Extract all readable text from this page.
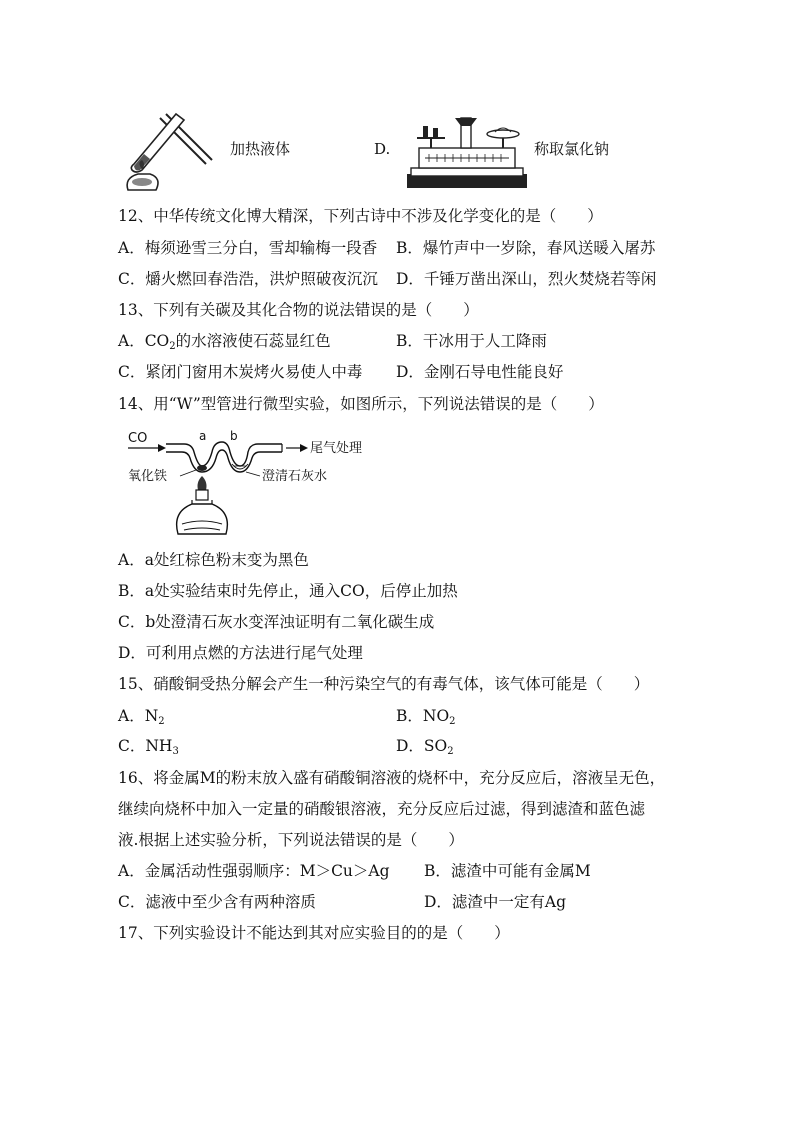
加热液体	D.	称取氯化钠
12、中华传统文化博大精深，下列古诗中不涉及化学变化的是（　　）
A．梅须逊雪三分白，雪却输梅一段香 B．爆竹声中一岁除，春风送暖入屠苏
C．爝火燃回春浩浩，洪炉照破夜沉沉 D．千锤万凿出深山，烈火焚烧若等闲
13、下列有关碳及其化合物的说法错误的是（　　）
A．$CO_2$的水溶液使石蕊显红色	B．干冰用于人工降雨
C．紧闭门窗用木炭烤火易使人中毒 D．金刚石导电性能良好
14、用“W”型管进行微型实验，如图所示，下列说法错误的是（　　）
CO	a b
尾气处理
氧化铁	澄清石灰水
A．a处红棕色粉末变为黑色
B．a处实验结束时先停止，通入CO，后停止加热
C．b处澄清石灰水变浑浊证明有二氧化碳生成
D．可利用点燃的方法进行尾气处理
15、硝酸铜受热分解会产生一种污染空气的有毒气体，该气体可能是（　　）
A．$N_2$	B．$NO_2$
C．$NH_3$	D．$SO_2$
16、将金属M的粉末放入盛有硝酸铜溶液的烧杯中，充分反应后，溶液呈无色，
继续向烧杯中加入一定量的硝酸银溶液，充分反应后过滤，得到滤渣和蓝色滤
液.根据上述实验分析，下列说法错误的是（　　）
A．金属活动性强弱顺序：M＞Cu＞Ag B．滤渣中可能有金属M
C．滤液中至少含有两种溶质	D．滤渣中一定有Ag
17、下列实验设计不能达到其对应实验目的的是（　　）
